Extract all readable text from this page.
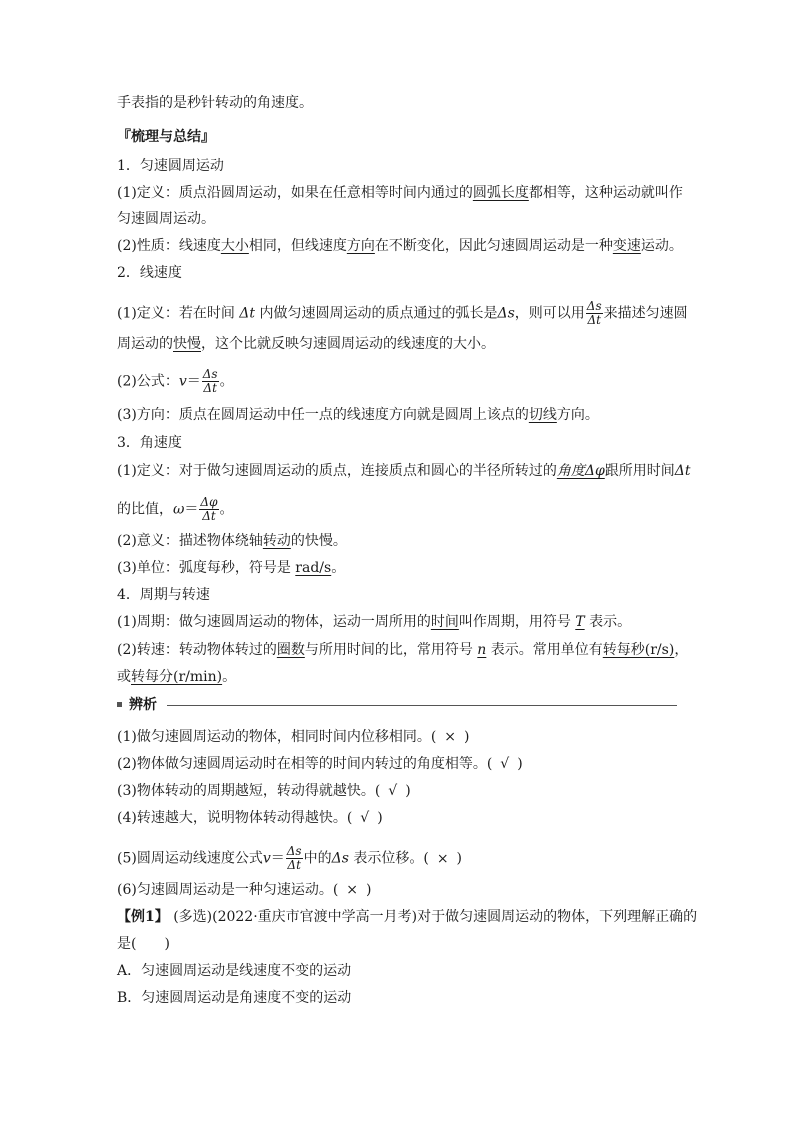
手表指的是秒针转动的角速度。
『梳理与总结』
1．匀速圆周运动
(1)定义：质点沿圆周运动，如果在任意相等时间内通过的圆弧长度都相等，这种运动就叫作
匀速圆周运动。
(2)性质：线速度大小相同，但线速度方向在不断变化，因此匀速圆周运动是一种变速运动。
2．线速度
(1)定义：若在时间 Δt 内做匀速圆周运动的质点通过的弧长是Δs，则可以用 $\frac{\Delta s}{\Delta t}$ 来描述匀速圆
周运动的快慢，这个比就反映匀速圆周运动的线速度的大小。
(2)公式：$v= \frac{\Delta s}{\Delta t}$ 。
(3)方向：质点在圆周运动中任一点的线速度方向就是圆周上该点的切线方向。
3．角速度
(1)定义：对于做匀速圆周运动的质点，连接质点和圆心的半径所转过的角度Δφ跟所用时间Δt
的比值，$\omega= \frac{\Delta\varphi}{\Delta t}$ 。
(2)意义：描述物体绕轴转动的快慢。
(3)单位：弧度每秒，符号是 rad/s。
4．周期与转速
(1)周期：做匀速圆周运动的物体，运动一周所用的时间叫作周期，用符号 T 表示。
(2)转速：转动物体转过的圈数与所用时间的比，常用符号 n 表示。常用单位有转每秒(r/s)，
或转每分(r/min)。
辨析
(1)做匀速圆周运动的物体，相同时间内位移相同。( × )
(2)物体做匀速圆周运动时在相等的时间内转过的角度相等。( √ )
(3)物体转动的周期越短，转动得就越快。( √ )
(4)转速越大，说明物体转动得越快。( √ )
(5)圆周运动线速度公式$v= \frac{\Delta s}{\Delta t}$ 中的Δs 表示位移。( × )
(6)匀速圆周运动是一种匀速运动。( × )
【例1】 (多选)(2022·重庆市官渡中学高一月考)对于做匀速圆周运动的物体，下列理解正确的
是( )
A．匀速圆周运动是线速度不变的运动
B．匀速圆周运动是角速度不变的运动
